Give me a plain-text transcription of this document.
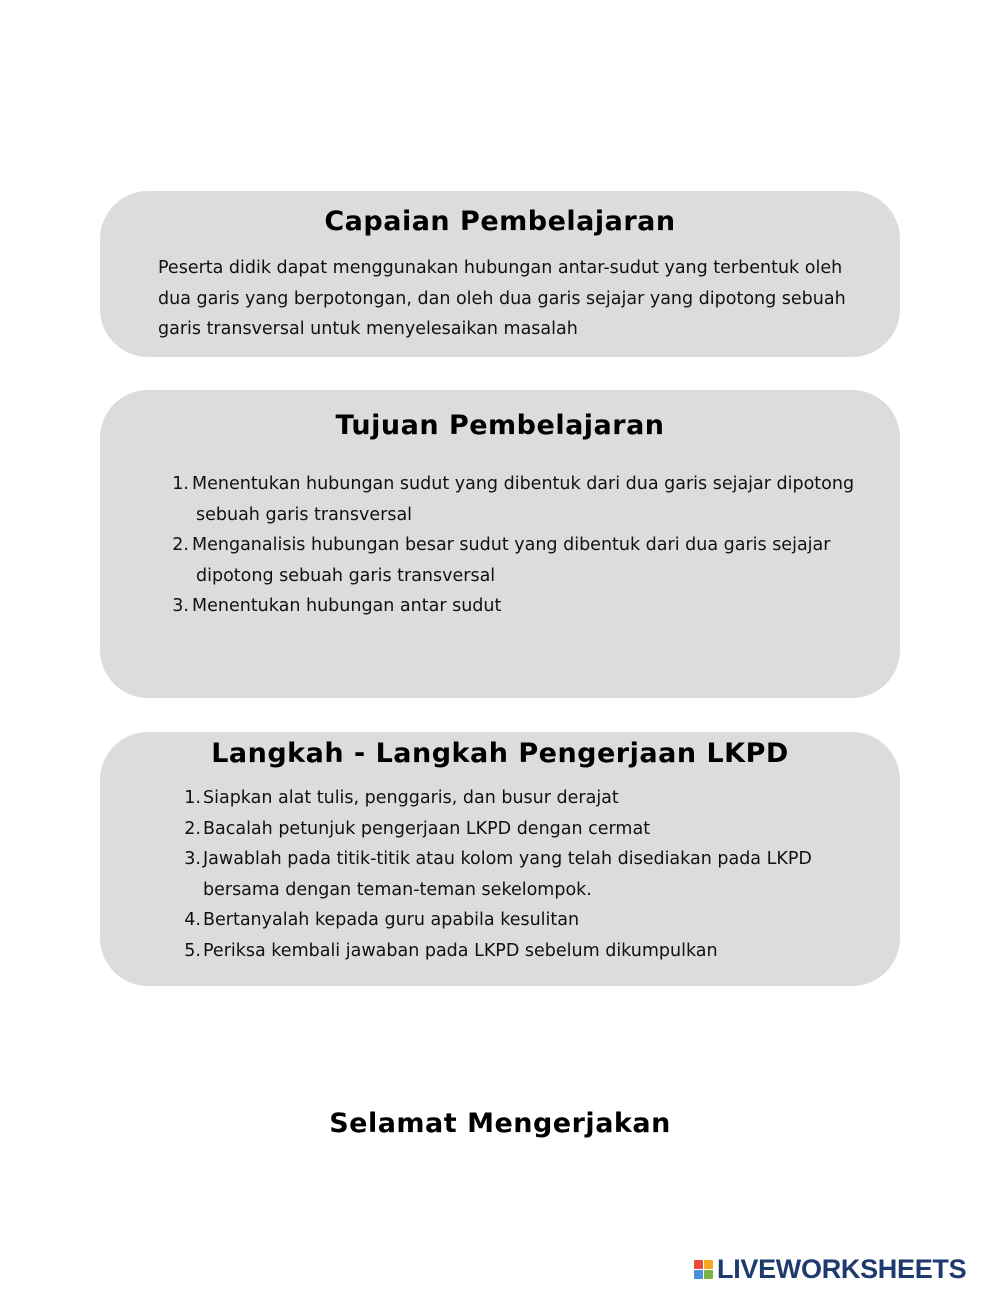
Capaian Pembelajaran

Peserta didik dapat menggunakan hubungan antar-sudut yang terbentuk oleh
dua garis yang berpotongan, dan oleh dua garis sejajar yang dipotong sebuah
garis transversal untuk menyelesaikan masalah

Tujuan Pembelajaran
1. Menentukan hubungan sudut yang dibentuk dari dua garis sejajar dipotong
sebuah garis transversal
2. Menganalisis hubungan besar sudut yang dibentuk dari dua garis sejajar
dipotong sebuah garis transversal
3. Menentukan hubungan antar sudut
Langkah - Langkah Pengerjaan LKPD
1. Siapkan alat tulis, penggaris, dan busur derajat
2. Bacalah petunjuk pengerjaan LKPD dengan cermat
3. Jawablah pada titik-titik atau kolom yang telah disediakan pada LKPD
bersama dengan teman-teman sekelompok.
4. Bertanyalah kepada guru apabila kesulitan
5. Periksa kembali jawaban pada LKPD sebelum dikumpulkan
Selamat Mengerjakan
LIVEWORKSHEETS
